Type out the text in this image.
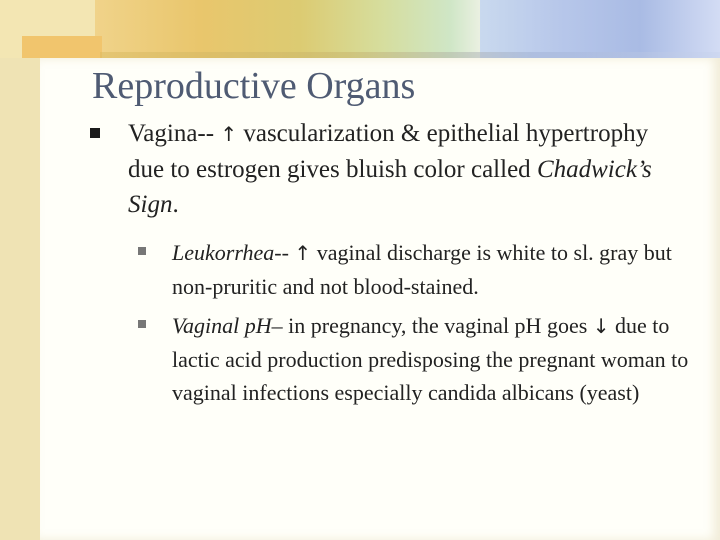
Reproductive Organs
Vagina-- ↑ vascularization & epithelial hypertrophy due to estrogen gives bluish color called Chadwick’s Sign.
Leukorrhea-- ↑ vaginal discharge is white to sl. gray but non-pruritic and not blood-stained.
Vaginal pH– in pregnancy, the vaginal pH goes ↓ due to lactic acid production predisposing the pregnant woman to vaginal infections especially candida albicans (yeast)
